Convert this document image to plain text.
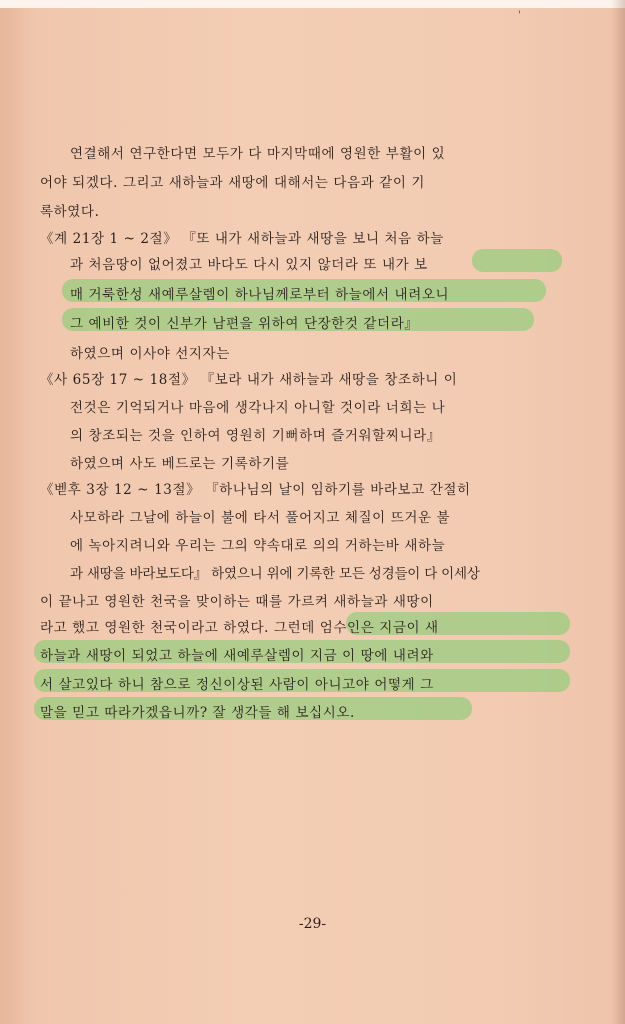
'
연결해서 연구한다면 모두가 다 마지막때에 영원한 부활이 있
어야 되겠다. 그리고 새하늘과 새땅에 대해서는 다음과 같이 기
록하였다.
《계 21장 1 ~ 2절》 『또 내가 새하늘과 새땅을 보니 처음 하늘
과 처음땅이 없어졌고 바다도 다시 있지 않더라 또 내가 보
매 거룩한성 새예루살렘이 하나님께로부터 하늘에서 내려오니
그 예비한 것이 신부가 남편을 위하여 단장한것 같더라』
하였으며 이사야 선지자는
《사 65장 17 ~ 18절》 『보라 내가 새하늘과 새땅을 창조하니 이
전것은 기억되거나 마음에 생각나지 아니할 것이라 너희는 나
의 창조되는 것을 인하여 영원히 기뻐하며 즐거워할찌니라』
하였으며 사도 베드로는 기록하기를
《벧후 3장 12 ~ 13절》 『하나님의 날이 임하기를 바라보고 간절히
사모하라 그날에 하늘이 불에 타서 풀어지고 체질이 뜨거운 불
에 녹아지려니와 우리는 그의 약속대로 의의 거하는바 새하늘
과 새땅을 바라보도다』 하였으니 위에 기록한 모든 성경들이 다 이세상
이 끝나고 영원한 천국을 맞이하는 때를 가르켜 새하늘과 새땅이
라고 했고 영원한 천국이라고 하였다. 그런데 엄수인은 지금이 새
하늘과 새땅이 되었고 하늘에 새예루살렘이 지금 이 땅에 내려와
서 살고있다 하니 참으로 정신이상된 사람이 아니고야 어떻게 그
말을 믿고 따라가겠읍니까? 잘 생각들 해 보십시오.
-29-
